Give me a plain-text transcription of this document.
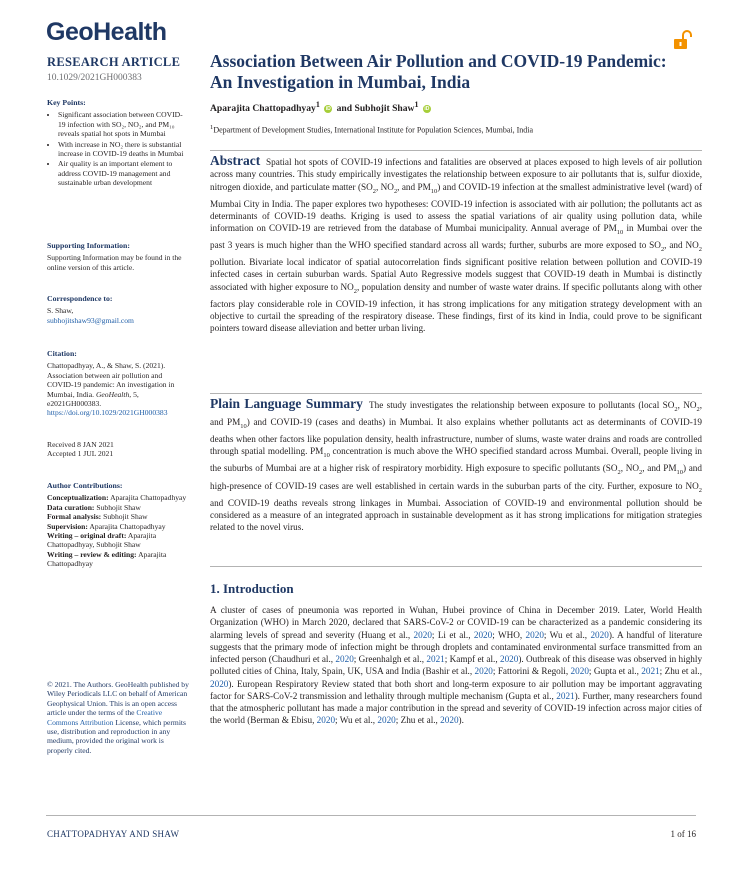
GeoHealth
RESEARCH ARTICLE
10.1029/2021GH000383
Key Points:
• Significant association between COVID-19 infection with SO₂, NO₂, and PM₁₀ reveals spatial hot spots in Mumbai
• With increase in NO₂ there is substantial increase in COVID-19 deaths in Mumbai
• Air quality is an important element to address COVID-19 management and sustainable urban development
Supporting Information:

Supporting Information may be found in the online version of this article.

Correspondence to:

S. Shaw,

subhojitshaw93@gmail.com

Citation:

Chattopadhyay, A., & Shaw, S. (2021). Association between air pollution and COVID-19 pandemic: An investigation in Mumbai, India. GeoHealth, 5, e2021GH000383. https://doi.org/10.1029/2021GH000383

Received 8 JAN 2021

Accepted 1 JUL 2021

Author Contributions:

Conceptualization: Aparajita Chattopadhyay

Data curation: Subhojit Shaw

Formal analysis: Subhojit Shaw

Supervision: Aparajita Chattopadhyay

Writing – original draft: Aparajita Chattopadhyay, Subhojit Shaw

Writing – review & editing: Aparajita Chattopadhyay

© 2021. The Authors. GeoHealth published by Wiley Periodicals LLC on behalf of American Geophysical Union. This is an open access article under the terms of the Creative Commons Attribution License, which permits use, distribution and reproduction in any medium, provided the original work is properly cited.
Association Between Air Pollution and COVID-19 Pandemic: An Investigation in Mumbai, India
Aparajita Chattopadhyay$^1$ iD and Subhojit Shaw$^1$ iD
$^1$Department of Development Studies, International Institute for Population Sciences, Mumbai, India
Abstract Spatial hot spots of COVID-19 infections and fatalities are observed at places exposed to high levels of air pollution across many countries. This study empirically investigates the relationship between exposure to air pollutants that is, sulfur dioxide, nitrogen dioxide, and particulate matter ($SO_2$, $NO_2$, and $PM_{10}$) and COVID-19 infection at the smallest administrative level (ward) of Mumbai City in India. The paper explores two hypotheses: COVID-19 infection is associated with air pollution; the pollutants act as determinants of COVID-19 deaths. Kriging is used to assess the spatial variations of air quality using pollution data, while information on COVID-19 are retrieved from the database of Mumbai municipality. Annual average of $PM_{10}$ in Mumbai over the past 3 years is much higher than the WHO specified standard across all wards; further, suburbs are more exposed to $SO_2$, and $NO_2$ pollution. Bivariate local indicator of spatial autocorrelation finds significant positive relation between pollution and COVID-19 infected cases in certain suburban wards. Spatial Auto Regressive models suggest that COVID-19 death in Mumbai is distinctly associated with higher exposure to $NO_2$, population density and number of waste water drains. If specific pollutants along with other factors play considerable role in COVID-19 infection, it has strong implications for any mitigation strategy development with an objective to curtail the spreading of the respiratory disease. These findings, first of its kind in India, could prove to be significant pointers toward disease alleviation and better urban living.
Plain Language Summary The study investigates the relationship between exposure to pollutants (local $SO_2$, $NO_2$, and $PM_{10}$) and COVID-19 (cases and deaths) in Mumbai. It also explains whether pollutants act as determinants of COVID-19 deaths when other factors like population density, health infrastructure, number of slums, waste water drains and roads are controlled through spatial modelling. $PM_{10}$ concentration is much above the WHO specified standard across Mumbai. Overall, people living in the suburbs of Mumbai are at a higher risk of respiratory morbidity. High exposure to specific pollutants ($SO_2$, $NO_2$, and $PM_{10}$) and high-presence of COVID-19 cases are well established in certain wards in the suburban parts of the city. Further, exposure to $NO_2$ and COVID-19 deaths reveals strong linkages in Mumbai. Association of COVID-19 and environmental pollution should be considered as a measure of an integrated approach in sustainable development as it has strong implications for mitigation strategies related to the novel virus.
1. Introduction
A cluster of cases of pneumonia was reported in Wuhan, Hubei province of China in December 2019. Later, World Health Organization (WHO) in March 2020, declared that SARS-CoV-2 or COVID-19 can be characterized as a pandemic considering its alarming levels of spread and severity (Huang et al., 2020; Li et al., 2020; WHO, 2020; Wu et al., 2020). A handful of literature suggests that the primary mode of infection might be through droplets and contaminated environmental surface transmitted from an infected person (Chaudhuri et al., 2020; Greenhalgh et al., 2021; Kampf et al., 2020). Outbreak of this disease was observed in highly polluted cities of China, Italy, Spain, UK, USA and India (Bashir et al., 2020; Fattorini & Regoli, 2020; Gupta et al., 2021; Zhu et al., 2020). European Respiratory Review stated that both short and long-term exposure to air pollution may be important aggravating factor for SARS-CoV-2 transmission and lethality through multiple mechanism (Gupta et al., 2021). Further, many researchers found that the atmospheric pollutant has made a major contribution in the spread and severity of COVID-19 infection across major cities of the world (Berman & Ebisu, 2020; Wu et al., 2020; Zhu et al., 2020).
CHATTOPADHYAY AND SHAW	1 of 16
